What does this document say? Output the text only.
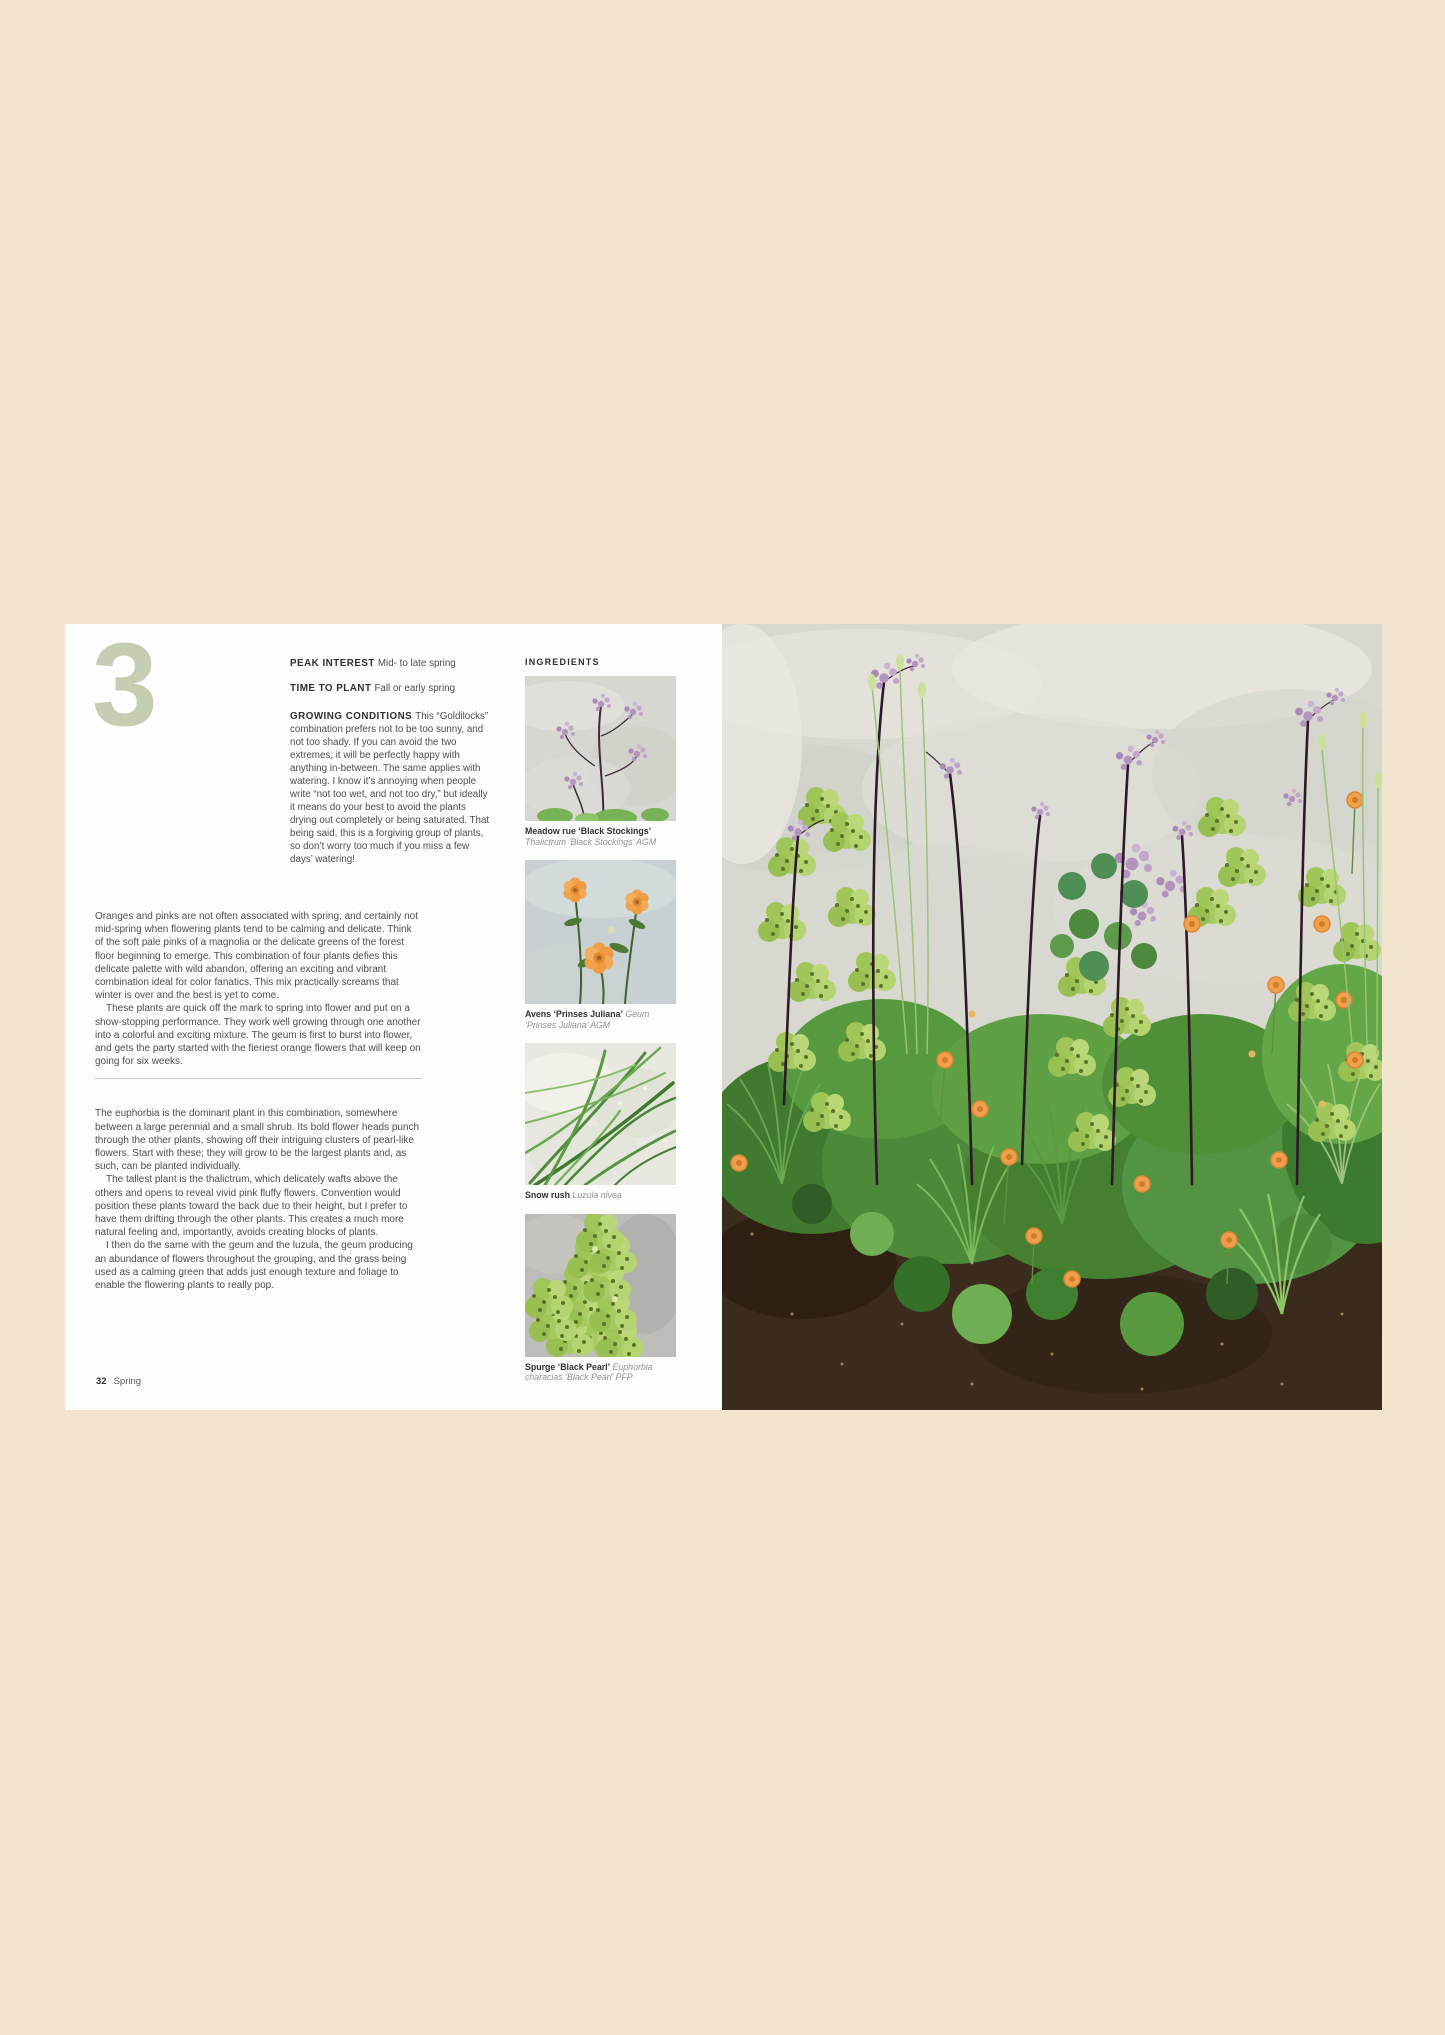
3	PEAK INTEREST Mid- to late spring

TIME TO PLANT Fall or early spring

GROWING CONDITIONS This “Goldilocks” combination prefers not to be too sunny, and not too shady. If you can avoid the two extremes, it will be perfectly happy with anything in-between. The same applies with watering. I know it’s annoying when people write “not too wet, and not too dry,” but ideally it means do your best to avoid the plants drying out completely or being saturated. That being said, this is a forgiving group of plants, so don’t worry too much if you miss a few days’ watering!

INGREDIENTS

Meadow rue ‘Black Stockings’
Thalictrum ‘Black Stockings’ AGM

Avens ‘Prinses Juliana’ Geum ‘Prinses Juliana’ AGM

Snow rush Luzula nivea

Spurge ‘Black Pearl’ Euphorbia characias ‘Black Pearl’ PFP

Oranges and pinks are not often associated with spring, and certainly not mid-spring when flowering plants tend to be calming and delicate. Think of the soft pale pinks of a magnolia or the delicate greens of the forest floor beginning to emerge. This combination of four plants defies this delicate palette with wild abandon, offering an exciting and vibrant combination ideal for color fanatics. This mix practically screams that winter is over and the best is yet to come.

These plants are quick off the mark to spring into flower and put on a show-stopping performance. They work well growing through one another into a colorful and exciting mixture. The geum is first to burst into flower, and gets the party started with the fieriest orange flowers that will keep on going for six weeks.

The euphorbia is the dominant plant in this combination, somewhere between a large perennial and a small shrub. Its bold flower heads punch through the other plants, showing off their intriguing clusters of pearl-like flowers. Start with these; they will grow to be the largest plants and, as such, can be planted individually.

The tallest plant is the thalictrum, which delicately wafts above the others and opens to reveal vivid pink fluffy flowers. Convention would position these plants toward the back due to their height, but I prefer to have them drifting through the other plants. This creates a much more natural feeling and, importantly, avoids creating blocks of plants.

I then do the same with the geum and the luzula, the geum producing an abundance of flowers throughout the grouping, and the grass being used as a calming green that adds just enough texture and foliage to enable the flowering plants to really pop.

32 Spring
